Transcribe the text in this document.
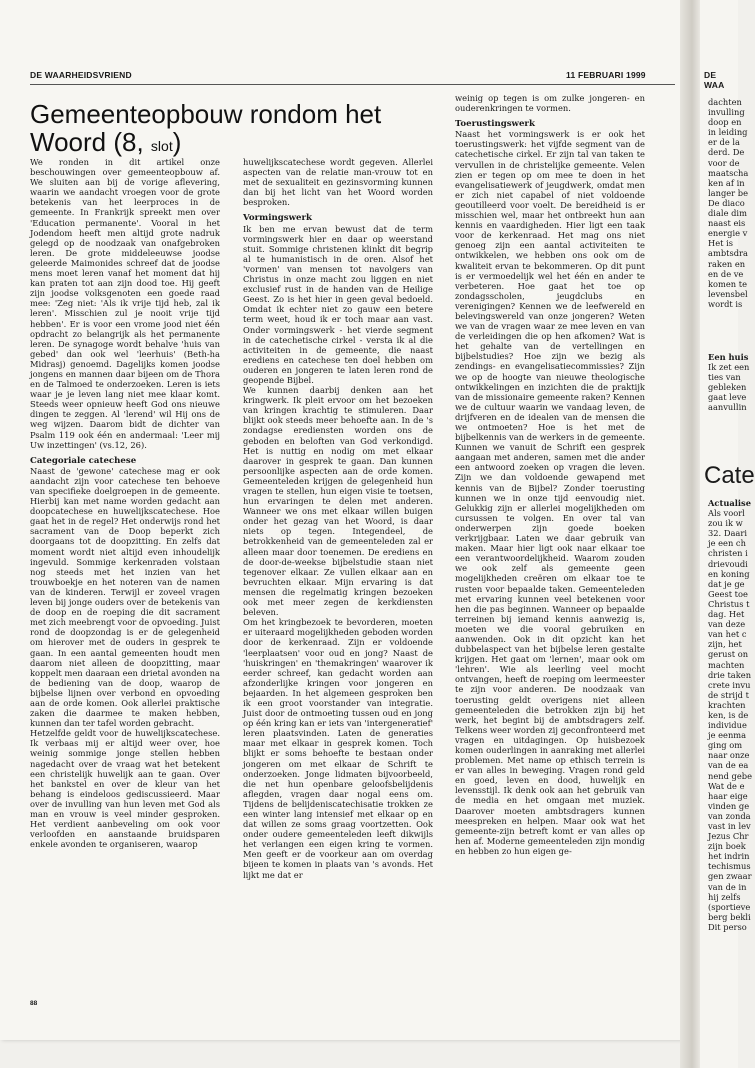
DE WAARHEIDSVRIEND	11 FEBRUARI 1999
Gemeenteopbouw rondom het Woord (8, slot)

We ronden in dit artikel onze beschouwingen over gemeenteopbouw af. We sluiten aan bij de vorige aflevering, waarin we aandacht vroegen voor de grote betekenis van het leerproces in de gemeente. In Frankrijk spreekt men over 'Education permanente'. Vooral in het Jodendom heeft men altijd grote nadruk gelegd op de noodzaak van onafgebroken leren. De grote middeleeuwse joodse geleerde Maimonides schreef dat de joodse mens moet leren vanaf het moment dat hij kan praten tot aan zijn dood toe. Hij geeft zijn joodse volksgenoten een goede raad mee: 'Zeg niet: 'Als ik vrije tijd heb, zal ik leren'. Misschien zul je nooit vrije tijd hebben'. Er is voor een vrome jood niet één opdracht zo belangrijk als het permanente leren. De synagoge wordt behalve 'huis van gebed' dan ook wel 'leerhuis' (Beth-ha Midrasj) genoemd. Dagelijks komen joodse jongens en mannen daar bijeen om de Thora en de Talmoed te onderzoeken. Leren is iets waar je je leven lang niet mee klaar komt. Steeds weer opnieuw heeft God ons nieuwe dingen te zeggen. Al 'lerend' wil Hij ons de weg wijzen. Daarom bidt de dichter van Psalm 119 ook één en andermaal: 'Leer mij Uw inzettingen' (vs.12, 26).

Categoriale catechese

Naast de 'gewone' catechese mag er ook aandacht zijn voor catechese ten behoeve van specifieke doelgroepen in de gemeente. Hierbij kan met name worden gedacht aan doopcatechese en huwelijkscatechese. Hoe gaat het in de regel? Het onderwijs rond het sacrament van de Doop beperkt zich doorgaans tot de doopzitting. En zelfs dat moment wordt niet altijd even inhoudelijk ingevuld. Sommige kerkenraden volstaan nog steeds met het inzien van het trouwboekje en het noteren van de namen van de kinderen. Terwijl er zoveel vragen leven bij jonge ouders over de betekenis van de doop en de roeping die dit sacrament met zich meebrengt voor de opvoeding. Juist rond de doopzondag is er de gelegenheid om hierover met de ouders in gesprek te gaan. In een aantal gemeenten houdt men daarom niet alleen de doopzitting, maar koppelt men daaraan een drietal avonden na de bediening van de doop, waarop de bijbelse lijnen over verbond en opvoeding aan de orde komen. Ook allerlei praktische zaken die daarmee te maken hebben, kunnen dan ter tafel worden gebracht.

Hetzelfde geldt voor de huwelijkscatechese. Ik verbaas mij er altijd weer over, hoe weinig sommige jonge stellen hebben nagedacht over de vraag wat het betekent een christelijk huwelijk aan te gaan. Over het bankstel en over de kleur van het behang is eindeloos gediscussieerd. Maar over de invulling van hun leven met God als man en vrouw is veel minder gesproken. Het verdient aanbeveling om ook voor verloofden en aanstaande bruidsparen enkele avonden te organiseren, waarop

huwelijkscatechese wordt gegeven. Allerlei aspecten van de relatie man-vrouw tot en met de sexualiteit en gezinsvorming kunnen dan bij het licht van het Woord worden besproken.

Vormingswerk

Ik ben me ervan bewust dat de term vormingswerk hier en daar op weerstand stuit. Sommige christenen klinkt dit begrip al te humanistisch in de oren. Alsof het 'vormen' van mensen tot navolgers van Christus in onze macht zou liggen en niet exclusief rust in de handen van de Heilige Geest. Zo is het hier in geen geval bedoeld. Omdat ik echter niet zo gauw een betere term weet, houd ik er toch maar aan vast. Onder vormingswerk - het vierde segment in de catechetische cirkel - versta ik al die activiteiten in de gemeente, die naast erediens en catechese ten doel hebben om ouderen en jongeren te laten leren rond de geopende Bijbel.

We kunnen daarbij denken aan het kringwerk. Ik pleit ervoor om het bezoeken van kringen krachtig te stimuleren. Daar blijkt ook steeds meer behoefte aan. In de 's zondagse erediensten worden ons de geboden en beloften van God verkondigd. Het is nuttig en nodig om met elkaar daarover in gesprek te gaan. Dan kunnen persoonlijke aspecten aan de orde komen. Gemeenteleden krijgen de gelegenheid hun vragen te stellen, hun eigen visie te toetsen, hun ervaringen te delen met anderen. Wanneer we ons met elkaar willen buigen onder het gezag van het Woord, is daar niets op tegen. Integendeel, de betrokkenheid van de gemeenteleden zal er alleen maar door toenemen. De erediens en de door-de-weekse bijbelstudie staan niet tegenover elkaar. Ze vullen elkaar aan en bevruchten elkaar. Mijn ervaring is dat mensen die regelmatig kringen bezoeken ook met meer zegen de kerkdiensten beleven.

Om het kringbezoek te bevorderen, moeten er uiteraard mogelijkheden geboden worden door de kerkenraad. Zijn er voldoende 'leerplaatsen' voor oud en jong? Naast de 'huiskringen' en 'themakringen' waarover ik eerder schreef, kan gedacht worden aan afzonderlijke kringen voor jongeren en bejaarden. In het algemeen gesproken ben ik een groot voorstander van integratie. Juist door de ontmoeting tussen oud en jong op één kring kan er iets van 'intergeneratief' leren plaatsvinden. Laten de generaties maar met elkaar in gesprek komen. Toch blijkt er soms behoefte te bestaan onder jongeren om met elkaar de Schrift te onderzoeken. Jonge lidmaten bijvoorbeeld, die net hun openbare geloofsbelijdenis aflegden, vragen daar nogal eens om. Tijdens de belijdeniscatechisatie trokken ze een winter lang intensief met elkaar op en dat willen ze soms graag voortzetten. Ook onder oudere gemeenteleden leeft dikwijls het verlangen een eigen kring te vormen. Men geeft er de voorkeur aan om overdag bijeen te komen in plaats van 's avonds. Het lijkt me dat er

weinig op tegen is om zulke jongeren- en ouderenkringen te vormen.

Toerustingswerk

Naast het vormingswerk is er ook het toerustingswerk: het vijfde segment van de catechetische cirkel. Er zijn tal van taken te vervullen in de christelijke gemeente. Velen zien er tegen op om mee te doen in het evangelisatiewerk of jeugdwerk, omdat men er zich niet capabel of niet voldoende geoutilleerd voor voelt. De bereidheid is er misschien wel, maar het ontbreekt hun aan kennis en vaardigheden. Hier ligt een taak voor de kerkenraad. Het mag ons niet genoeg zijn een aantal activiteiten te ontwikkelen, we hebben ons ook om de kwaliteit ervan te bekommeren. Op dit punt is er vermoedelijk wel het één en ander te verbeteren. Hoe gaat het toe op zondagsscholen, jeugdclubs en verenigingen? Kennen we de leefwereld en belevingswereld van onze jongeren? Weten we van de vragen waar ze mee leven en van de verleidingen die op hen afkomen? Wat is het gehalte van de vertellingen en bijbelstudies? Hoe zijn we bezig als zendings- en evangelisatiecommissies? Zijn we op de hoogte van nieuwe theologische ontwikkelingen en inzichten die de praktijk van de missionaire gemeente raken? Kennen we de cultuur waarin we vandaag leven, de drijfveren en de idealen van de mensen die we ontmoeten? Hoe is het met de bijbelkennis van de werkers in de gemeente. Kunnen we vanuit de Schrift een gesprek aangaan met anderen, samen met die ander een antwoord zoeken op vragen die leven. Zijn we dan voldoende gewapend met kennis van de Bijbel? Zonder toerusting kunnen we in onze tijd eenvoudig niet. Gelukkig zijn er allerlei mogelijkheden om cursussen te volgen. En over tal van onderwerpen zijn goede boeken verkrijgbaar. Laten we daar gebruik van maken. Maar hier ligt ook naar elkaar toe een verantwoordelijkheid. Waarom zouden we ook zelf als gemeente geen mogelijkheden creëren om elkaar toe te rusten voor bepaalde taken. Gemeenteleden met ervaring kunnen veel betekenen voor hen die pas beginnen. Wanneer op bepaalde terreinen bij iemand kennis aanwezig is, moeten we die vooral gebruiken en aanwenden. Ook in dit opzicht kan het dubbelaspect van het bijbelse leren gestalte krijgen. Het gaat om 'lernen', maar ook om 'lehren'. Wie als leerling veel mocht ontvangen, heeft de roeping om leermeester te zijn voor anderen. De noodzaak van toerusting geldt overigens niet alleen gemeenteleden die betrokken zijn bij het werk, het begint bij de ambtsdragers zelf. Telkens weer worden zij geconfronteerd met vragen en uitdagingen. Op huisbezoek komen ouderlingen in aanraking met allerlei problemen. Met name op ethisch terrein is er van alles in beweging. Vragen rond geld en goed, leven en dood, huwelijk en levensstijl. Ik denk ook aan het gebruik van de media en het omgaan met muziek. Daarover moeten ambtsdragers kunnen meespreken en helpen. Maar ook wat het gemeente-zijn betreft komt er van alles op hen af. Moderne gemeenteleden zijn mondig en hebben zo hun eigen ge-

88
DE WAA
dachten
invulling
doop en
in leiding
er de la
derd. De
voor de
maatscha
ken af in
langer be
De diaco
diale dim
naast eis
energie v
Het is
ambtsdra
raken en
en de ve
komen te
levensbel
wordt is
Een huis
Ik zet een
ties van
gebleken
gaat leve
aanvullin
Cate
Actualise
Als voorl
zou ik w
32. Daari
je een ch
christen i
drievoudi
en koning
dat je ge
Geest toe
Christus t
dag. Het
van deze
van het c
zijn, het
gerust on
machten
drie taken
crete invu
de strijd t
krachten
ken, is de
individue
je eenma
ging om
naar onze
van de ea
nend gebe
Wat de e
haar eige
vinden ge
van zonda
vast in lev
Jezus Chr
zijn boek
het indrin
techismus
gen zwaar
van de in
hij zelfs
(sportieve
berg bekli
Dit perso
